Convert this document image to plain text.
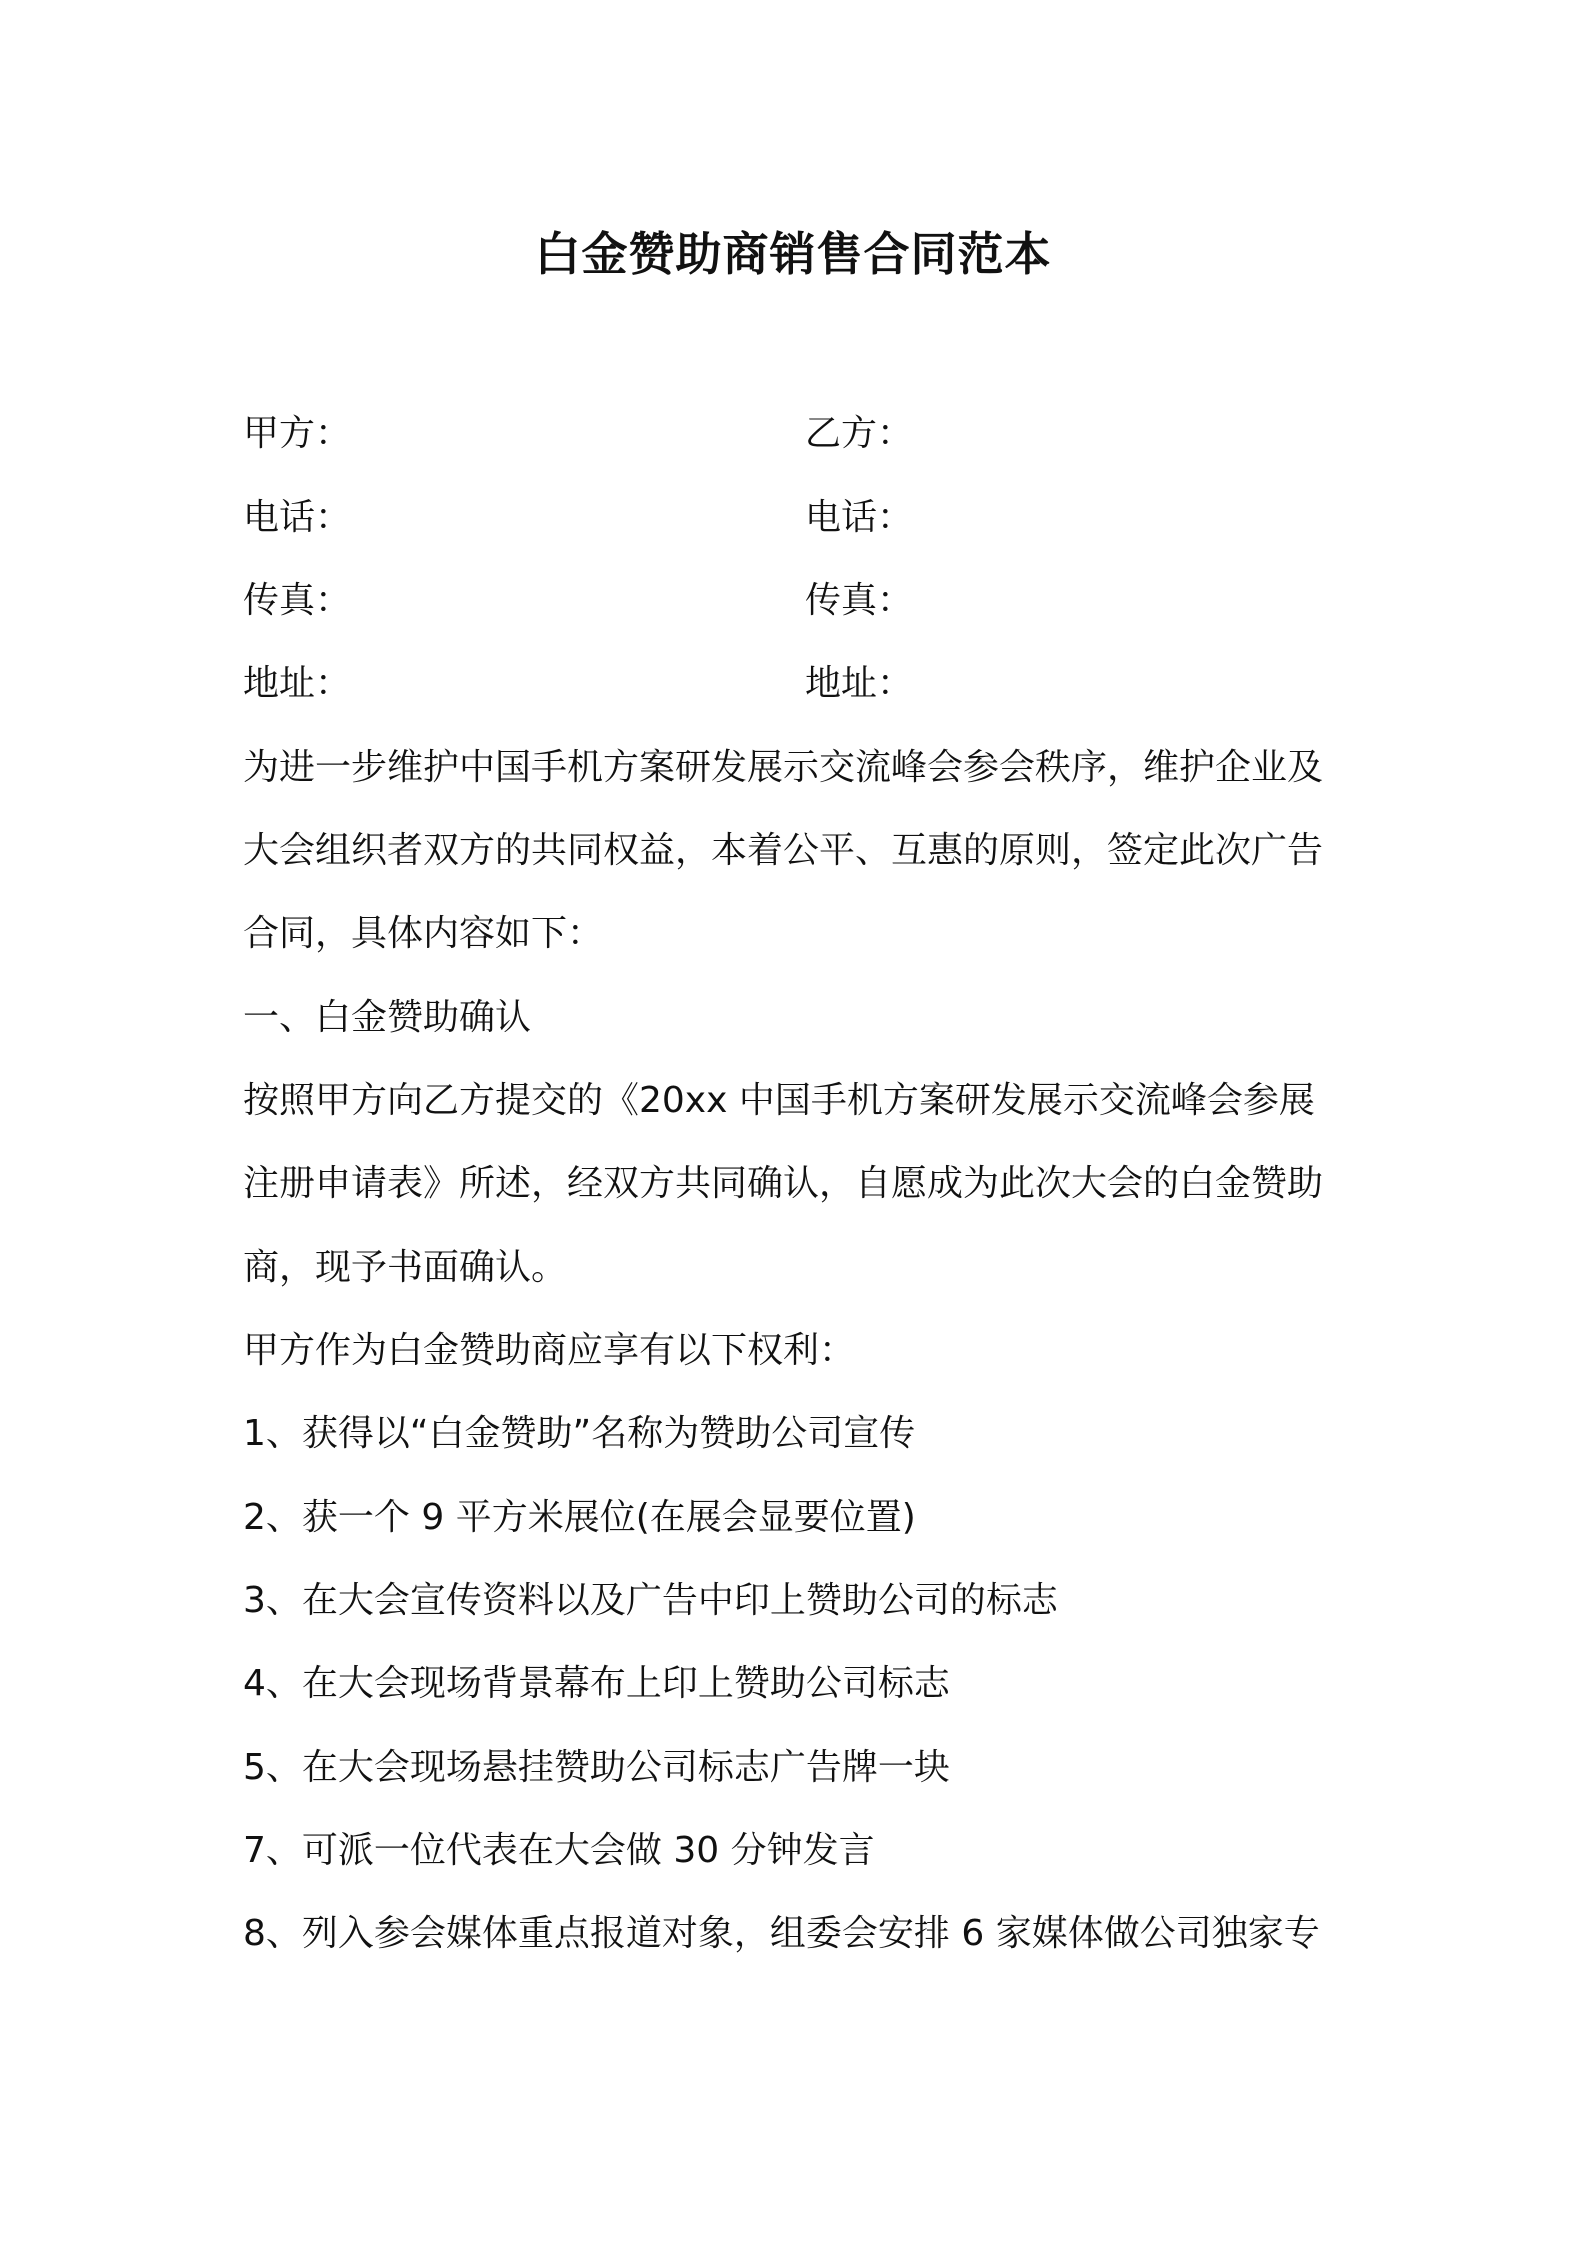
白金赞助商销售合同范本
甲方：	乙方：
电话：	电话：
传真：	传真：
地址：	地址：
为进一步维护中国手机方案研发展示交流峰会参会秩序，维护企业及
大会组织者双方的共同权益，本着公平、互惠的原则，签定此次广告
合同，具体内容如下：
一、白金赞助确认
按照甲方向乙方提交的《20xx 中国手机方案研发展示交流峰会参展
注册申请表》所述，经双方共同确认，自愿成为此次大会的白金赞助
商，现予书面确认。
甲方作为白金赞助商应享有以下权利：
1、获得以“白金赞助”名称为赞助公司宣传
2、获一个 9 平方米展位(在展会显要位置)
3、在大会宣传资料以及广告中印上赞助公司的标志
4、在大会现场背景幕布上印上赞助公司标志
5、在大会现场悬挂赞助公司标志广告牌一块
7、可派一位代表在大会做 30 分钟发言
8、列入参会媒体重点报道对象，组委会安排 6 家媒体做公司独家专
